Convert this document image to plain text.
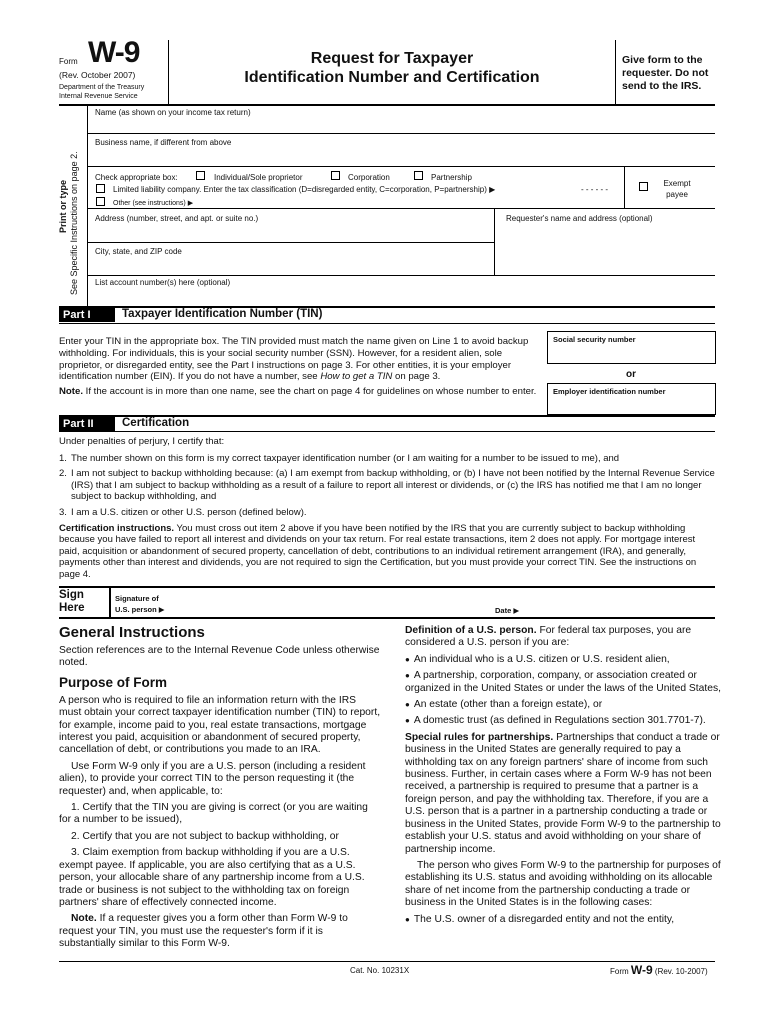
Form W-9
(Rev. October 2007)
Department of the Treasury
Internal Revenue Service
Request for Taxpayer
Identification Number and Certification
Give form to the requester. Do not send to the IRS.
Print or type See Specific Instructions on page 2.
Name (as shown on your income tax return)
Business name, if different from above
Check appropriate box:	Individual/Sole proprietor	Corporation	Partnership
Limited liability company. Enter the tax classification (D=disregarded entity, C=corporation, P=partnership) ▶	- - - - - -
Other (see instructions) ▶
Exempt payee
Address (number, street, and apt. or suite no.)	Requester's name and address (optional)
City, state, and ZIP code
List account number(s) here (optional)
Part I	Taxpayer Identification Number (TIN)
Enter your TIN in the appropriate box. The TIN provided must match the name given on Line 1 to avoid backup withholding. For individuals, this is your social security number (SSN). However, for a resident alien, sole proprietor, or disregarded entity, see the Part I instructions on page 3. For other entities, it is your employer identification number (EIN). If you do not have a number, see How to get a TIN on page 3.
Note. If the account is in more than one name, see the chart on page 4 for guidelines on whose number to enter.
Social security number
or
Employer identification number
Part II	Certification
Under penalties of perjury, I certify that:
1. The number shown on this form is my correct taxpayer identification number (or I am waiting for a number to be issued to me), and
2. I am not subject to backup withholding because: (a) I am exempt from backup withholding, or (b) I have not been notified by the Internal Revenue Service (IRS) that I am subject to backup withholding as a result of a failure to report all interest or dividends, or (c) the IRS has notified me that I am no longer subject to backup withholding, and
3. I am a U.S. citizen or other U.S. person (defined below).
Certification instructions. You must cross out item 2 above if you have been notified by the IRS that you are currently subject to backup withholding because you have failed to report all interest and dividends on your tax return. For real estate transactions, item 2 does not apply. For mortgage interest paid, acquisition or abandonment of secured property, cancellation of debt, contributions to an individual retirement arrangement (IRA), and generally, payments other than interest and dividends, you are not required to sign the Certification, but you must provide your correct TIN. See the instructions on page 4.
Sign Here
Signature of
U.S. person ▶	Date ▶
General Instructions
Section references are to the Internal Revenue Code unless otherwise noted.
Purpose of Form
A person who is required to file an information return with the IRS must obtain your correct taxpayer identification number (TIN) to report, for example, income paid to you, real estate transactions, mortgage interest you paid, acquisition or abandonment of secured property, cancellation of debt, or contributions you made to an IRA.
Use Form W-9 only if you are a U.S. person (including a resident alien), to provide your correct TIN to the person requesting it (the requester) and, when applicable, to:
1. Certify that the TIN you are giving is correct (or you are waiting for a number to be issued),
2. Certify that you are not subject to backup withholding, or
3. Claim exemption from backup withholding if you are a U.S. exempt payee. If applicable, you are also certifying that as a U.S. person, your allocable share of any partnership income from a U.S. trade or business is not subject to the withholding tax on foreign partners' share of effectively connected income.
Note. If a requester gives you a form other than Form W-9 to request your TIN, you must use the requester's form if it is substantially similar to this Form W-9.
Definition of a U.S. person. For federal tax purposes, you are considered a U.S. person if you are:
● An individual who is a U.S. citizen or U.S. resident alien,
● A partnership, corporation, company, or association created or organized in the United States or under the laws of the United States,
● An estate (other than a foreign estate), or
● A domestic trust (as defined in Regulations section 301.7701-7).
Special rules for partnerships. Partnerships that conduct a trade or business in the United States are generally required to pay a withholding tax on any foreign partners' share of income from such business. Further, in certain cases where a Form W-9 has not been received, a partnership is required to presume that a partner is a foreign person, and pay the withholding tax. Therefore, if you are a U.S. person that is a partner in a partnership conducting a trade or business in the United States, provide Form W-9 to the partnership to establish your U.S. status and avoid withholding on your share of partnership income.
The person who gives Form W-9 to the partnership for purposes of establishing its U.S. status and avoiding withholding on its allocable share of net income from the partnership conducting a trade or business in the United States is in the following cases:
● The U.S. owner of a disregarded entity and not the entity,
Cat. No. 10231X	Form W-9 (Rev. 10-2007)
